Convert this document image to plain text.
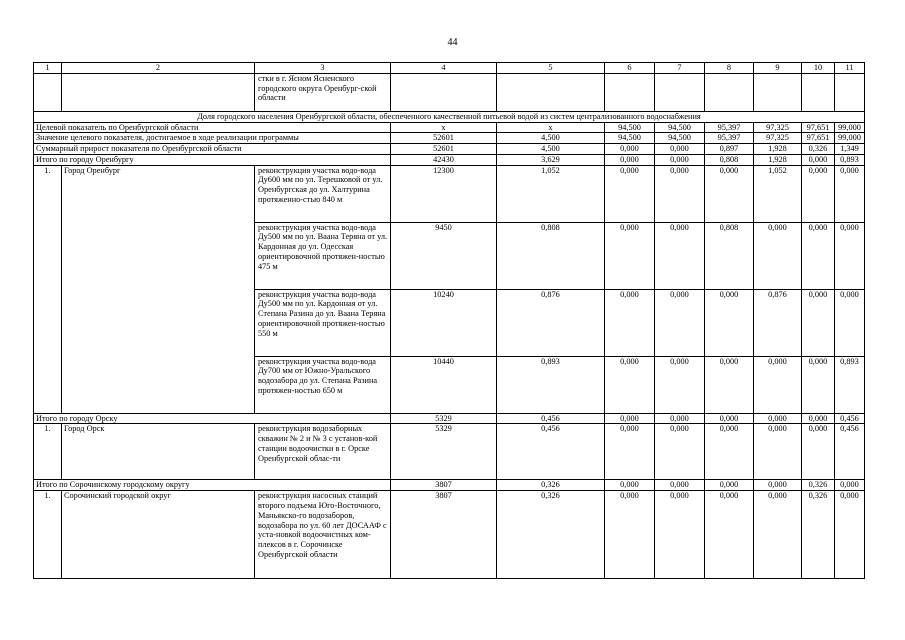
44
1	2	3	4	5	6	7	8	9	10	11
		стки в г. Ясном Ясненского городского округа Оренбург-ской области								
Доля городского населения Оренбургской области, обеспеченного качественной питьевой водой из систем централизованного водоснабжения										
Целевой показатель по Оренбургской области			х	х	94,500	94,500	95,397	97,325	97,651	99,000
Значение целевого показателя, достигаемое в ходе реализации программы			52601	4,500	94,500	94,500	95,397	97,325	97,651	99,000
Суммарный прирост показателя по Оренбургской области			52601	4,500	0,000	0,000	0,897	1,928	0,326	1,349
Итого по городу Оренбургу			42430	3,629	0,000	0,000	0,808	1,928	0,000	0,893
1.	Город Оренбург	реконструкция участка водо-вода Ду600 мм по ул. Терешковой от ул. Оренбургская до ул. Халтурина протяженно-стью 840 м	12300	1,052	0,000	0,000	0,000	1,052	0,000	0,000
		реконструкция участка водо-вода Ду500 мм по ул. Ваана Теряна от ул. Кардонная до ул. Одесская ориентировочной протяжен-ностью 475 м	9450	0,808	0,000	0,000	0,808	0,000	0,000	0,000
		реконструкция участка водо-вода Ду500 мм по ул. Кардонная от ул. Степана Разина до ул. Ваана Теряна ориентировочной протяжен-ностью 550 м	10240	0,876	0,000	0,000	0,000	0,876	0,000	0,000
		реконструкция участка водо-вода Ду700 мм от Южно-Уральского водозабора до ул. Степана Разина протяжен-ностью 650 м	10440	0,893	0,000	0,000	0,000	0,000	0,000	0,893
Итого по городу Орску			5329	0,456	0,000	0,000	0,000	0,000	0,000	0,456
1.	Город Орск	реконструкция водозаборных скважин № 2 и № 3 с установ-кой станции водоочистки в г. Орске Оренбургской облас-ти	5329	0,456	0,000	0,000	0,000	0,000	0,000	0,456
Итого по Сорочинскому городскому округу			3807	0,326	0,000	0,000	0,000	0,000	0,326	0,000
1.	Сорочинский городской округ	реконструкция насосных станций второго подъема Юго-Восточного, Маньякско-го водозаборов, водозабора по ул. 60 лет ДОСААФ с уста-новкой водоочистных ком-плексов в г. Сорочинске Оренбургской области	3807	0,326	0,000	0,000	0,000	0,000	0,326	0,000
